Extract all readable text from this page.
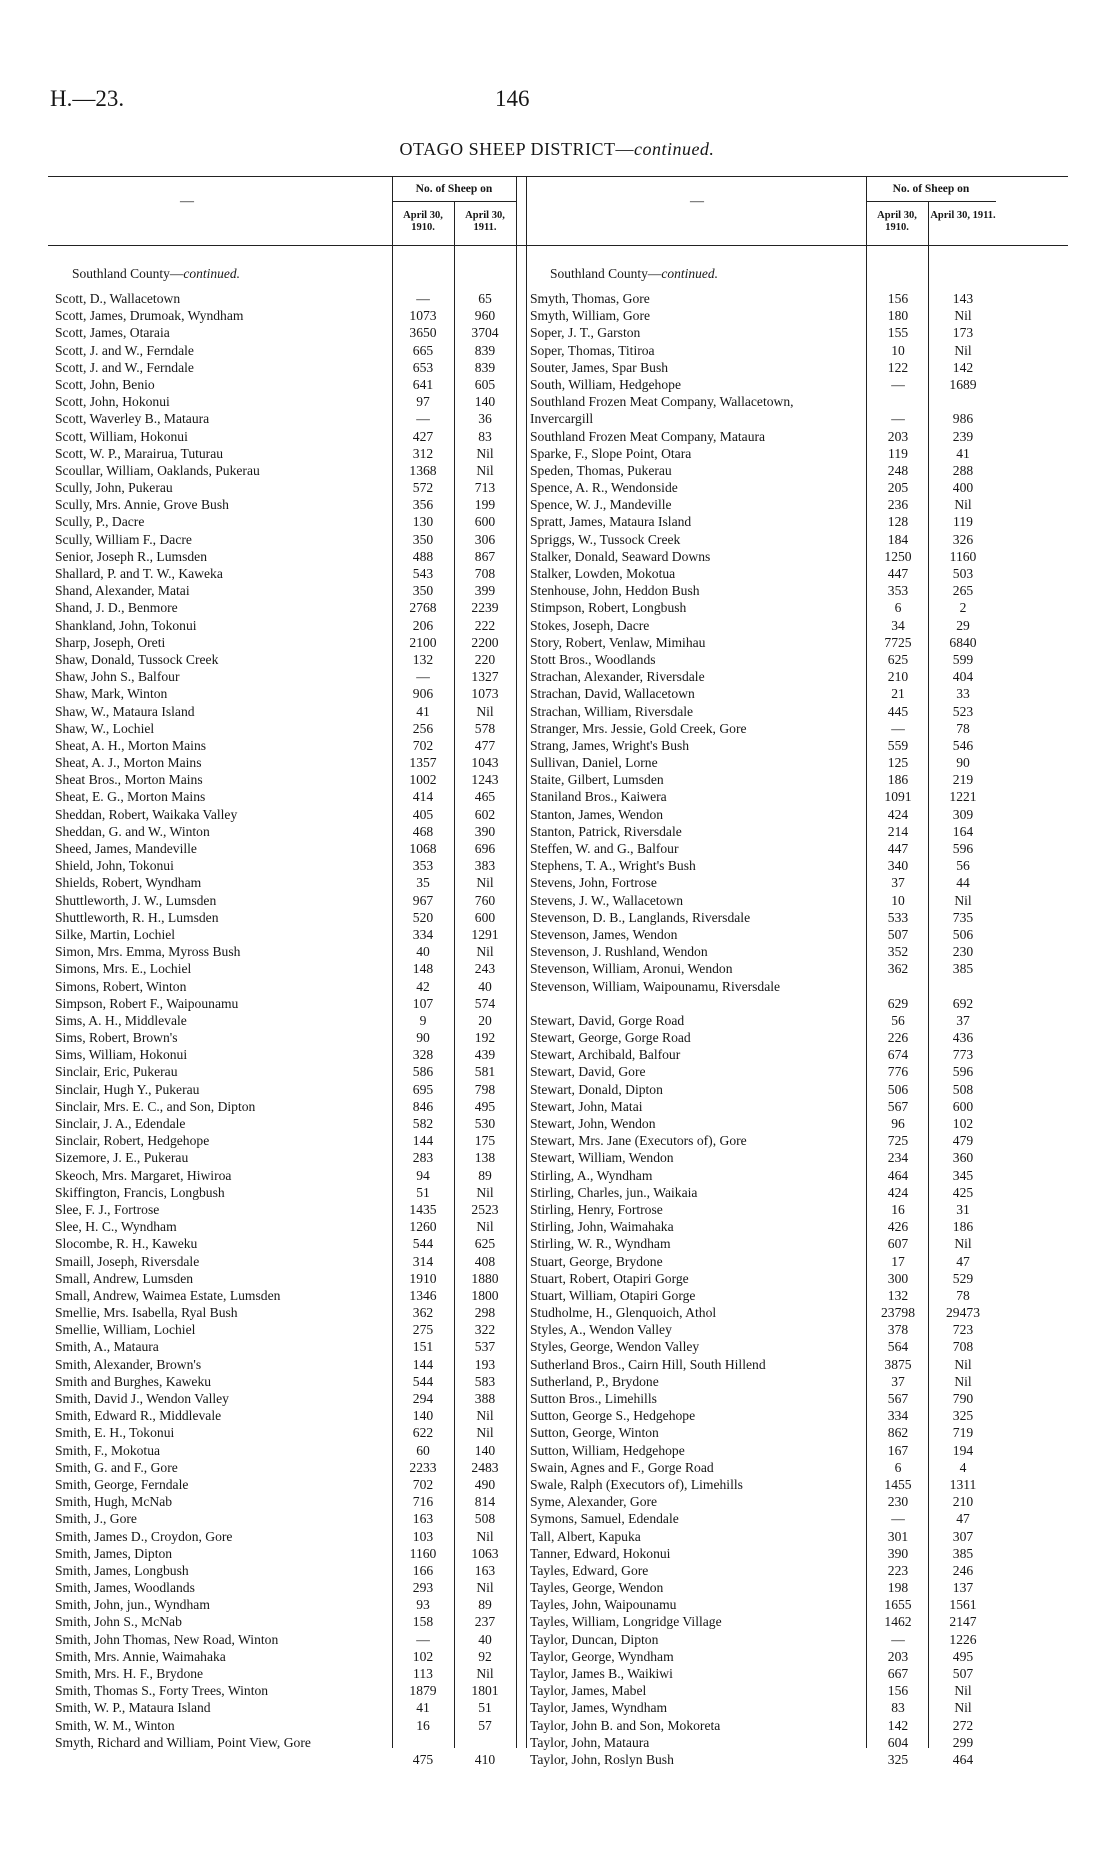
H.—23.	146
OTAGO SHEEP DISTRICT—continued.
—
No. of Sheep on
April 30, 1910.
April 30, 1911.
—
No. of Sheep on
April 30, 1910.
April 30, 1911.
Southland County—continued.	Southland County—continued.
Scott, D., Wallacetown	—	65
Scott, James, Drumoak, Wyndham	1073	960
Scott, James, Otaraia	3650	3704
Scott, J. and W., Ferndale	665	839
Scott, J. and W., Ferndale	653	839
Scott, John, Benio	641	605
Scott, John, Hokonui	97	140
Scott, Waverley B., Mataura	—	36
Scott, William, Hokonui	427	83
Scott, W. P., Marairua, Tuturau	312	Nil
Scoullar, William, Oaklands, Pukerau	1368	Nil
Scully, John, Pukerau	572	713
Scully, Mrs. Annie, Grove Bush	356	199
Scully, P., Dacre	130	600
Scully, William F., Dacre	350	306
Senior, Joseph R., Lumsden	488	867
Shallard, P. and T. W., Kaweka	543	708
Shand, Alexander, Matai	350	399
Shand, J. D., Benmore	2768	2239
Shankland, John, Tokonui	206	222
Sharp, Joseph, Oreti	2100	2200
Shaw, Donald, Tussock Creek	132	220
Shaw, John S., Balfour	—	1327
Shaw, Mark, Winton	906	1073
Shaw, W., Mataura Island	41	Nil
Shaw, W., Lochiel	256	578
Sheat, A. H., Morton Mains	702	477
Sheat, A. J., Morton Mains	1357	1043
Sheat Bros., Morton Mains	1002	1243
Sheat, E. G., Morton Mains	414	465
Sheddan, Robert, Waikaka Valley	405	602
Sheddan, G. and W., Winton	468	390
Sheed, James, Mandeville	1068	696
Shield, John, Tokonui	353	383
Shields, Robert, Wyndham	35	Nil
Shuttleworth, J. W., Lumsden	967	760
Shuttleworth, R. H., Lumsden	520	600
Silke, Martin, Lochiel	334	1291
Simon, Mrs. Emma, Myross Bush	40	Nil
Simons, Mrs. E., Lochiel	148	243
Simons, Robert, Winton	42	40
Simpson, Robert F., Waipounamu	107	574
Sims, A. H., Middlevale	9	20
Sims, Robert, Brown's	90	192
Sims, William, Hokonui	328	439
Sinclair, Eric, Pukerau	586	581
Sinclair, Hugh Y., Pukerau	695	798
Sinclair, Mrs. E. C., and Son, Dipton	846	495
Sinclair, J. A., Edendale	582	530
Sinclair, Robert, Hedgehope	144	175
Sizemore, J. E., Pukerau	283	138
Skeoch, Mrs. Margaret, Hiwiroa	94	89
Skiffington, Francis, Longbush	51	Nil
Slee, F. J., Fortrose	1435	2523
Slee, H. C., Wyndham	1260	Nil
Slocombe, R. H., Kaweku	544	625
Smaill, Joseph, Riversdale	314	408
Small, Andrew, Lumsden	1910	1880
Small, Andrew, Waimea Estate, Lumsden	1346	1800
Smellie, Mrs. Isabella, Ryal Bush	362	298
Smellie, William, Lochiel	275	322
Smith, A., Mataura	151	537
Smith, Alexander, Brown's	144	193
Smith and Burghes, Kaweku	544	583
Smith, David J., Wendon Valley	294	388
Smith, Edward R., Middlevale	140	Nil
Smith, E. H., Tokonui	622	Nil
Smith, F., Mokotua	60	140
Smith, G. and F., Gore	2233	2483
Smith, George, Ferndale	702	490
Smith, Hugh, McNab	716	814
Smith, J., Gore	163	508
Smith, James D., Croydon, Gore	103	Nil
Smith, James, Dipton	1160	1063
Smith, James, Longbush	166	163
Smith, James, Woodlands	293	Nil
Smith, John, jun., Wyndham	93	89
Smith, John S., McNab	158	237
Smith, John Thomas, New Road, Winton	—	40
Smith, Mrs. Annie, Waimahaka	102	92
Smith, Mrs. H. F., Brydone	113	Nil
Smith, Thomas S., Forty Trees, Winton	1879	1801
Smith, W. P., Mataura Island	41	51
Smith, W. M., Winton	16	57
Smyth, Richard and William, Point View, Gore
475	410
Smyth, Thomas, Gore	156	143
Smyth, William, Gore	180	Nil
Soper, J. T., Garston	155	173
Soper, Thomas, Titiroa	10	Nil
Souter, James, Spar Bush	122	142
South, William, Hedgehope	—	1689
Southland Frozen Meat Company, Wallacetown, Invercargill	—	986
Southland Frozen Meat Company, Mataura	203	239
Sparke, F., Slope Point, Otara	119	41
Speden, Thomas, Pukerau	248	288
Spence, A. R., Wendonside	205	400
Spence, W. J., Mandeville	236	Nil
Spratt, James, Mataura Island	128	119
Spriggs, W., Tussock Creek	184	326
Stalker, Donald, Seaward Downs	1250	1160
Stalker, Lowden, Mokotua	447	503
Stenhouse, John, Heddon Bush	353	265
Stimpson, Robert, Longbush	6	2
Stokes, Joseph, Dacre	34	29
Story, Robert, Venlaw, Mimihau	7725	6840
Stott Bros., Woodlands	625	599
Strachan, Alexander, Riversdale	210	404
Strachan, David, Wallacetown	21	33
Strachan, William, Riversdale	445	523
Stranger, Mrs. Jessie, Gold Creek, Gore	—	78
Strang, James, Wright's Bush	559	546
Sullivan, Daniel, Lorne	125	90
Staite, Gilbert, Lumsden	186	219
Staniland Bros., Kaiwera	1091	1221
Stanton, James, Wendon	424	309
Stanton, Patrick, Riversdale	214	164
Steffen, W. and G., Balfour	447	596
Stephens, T. A., Wright's Bush	340	56
Stevens, John, Fortrose	37	44
Stevens, J. W., Wallacetown	10	Nil
Stevenson, D. B., Langlands, Riversdale	533	735
Stevenson, James, Wendon	507	506
Stevenson, J. Rushland, Wendon	352	230
Stevenson, William, Aronui, Wendon	362	385
Stevenson, William, Waipounamu, Riversdale
629	692
Stewart, David, Gorge Road	56	37
Stewart, George, Gorge Road	226	436
Stewart, Archibald, Balfour	674	773
Stewart, David, Gore	776	596
Stewart, Donald, Dipton	506	508
Stewart, John, Matai	567	600
Stewart, John, Wendon	96	102
Stewart, Mrs. Jane (Executors of), Gore	725	479
Stewart, William, Wendon	234	360
Stirling, A., Wyndham	464	345
Stirling, Charles, jun., Waikaia	424	425
Stirling, Henry, Fortrose	16	31
Stirling, John, Waimahaka	426	186
Stirling, W. R., Wyndham	607	Nil
Stuart, George, Brydone	17	47
Stuart, Robert, Otapiri Gorge	300	529
Stuart, William, Otapiri Gorge	132	78
Studholme, H., Glenquoich, Athol	23798	29473
Styles, A., Wendon Valley	378	723
Styles, George, Wendon Valley	564	708
Sutherland Bros., Cairn Hill, South Hillend	3875	Nil
Sutherland, P., Brydone	37	Nil
Sutton Bros., Limehills	567	790
Sutton, George S., Hedgehope	334	325
Sutton, George, Winton	862	719
Sutton, William, Hedgehope	167	194
Swain, Agnes and F., Gorge Road	6	4
Swale, Ralph (Executors of), Limehills	1455	1311
Syme, Alexander, Gore	230	210
Symons, Samuel, Edendale	—	47
Tall, Albert, Kapuka	301	307
Tanner, Edward, Hokonui	390	385
Tayles, Edward, Gore	223	246
Tayles, George, Wendon	198	137
Tayles, John, Waipounamu	1655	1561
Tayles, William, Longridge Village	1462	2147
Taylor, Duncan, Dipton	—	1226
Taylor, George, Wyndham	203	495
Taylor, James B., Waikiwi	667	507
Taylor, James, Mabel	156	Nil
Taylor, James, Wyndham	83	Nil
Taylor, John B. and Son, Mokoreta	142	272
Taylor, John, Mataura	604	299
Taylor, John, Roslyn Bush	325	464
